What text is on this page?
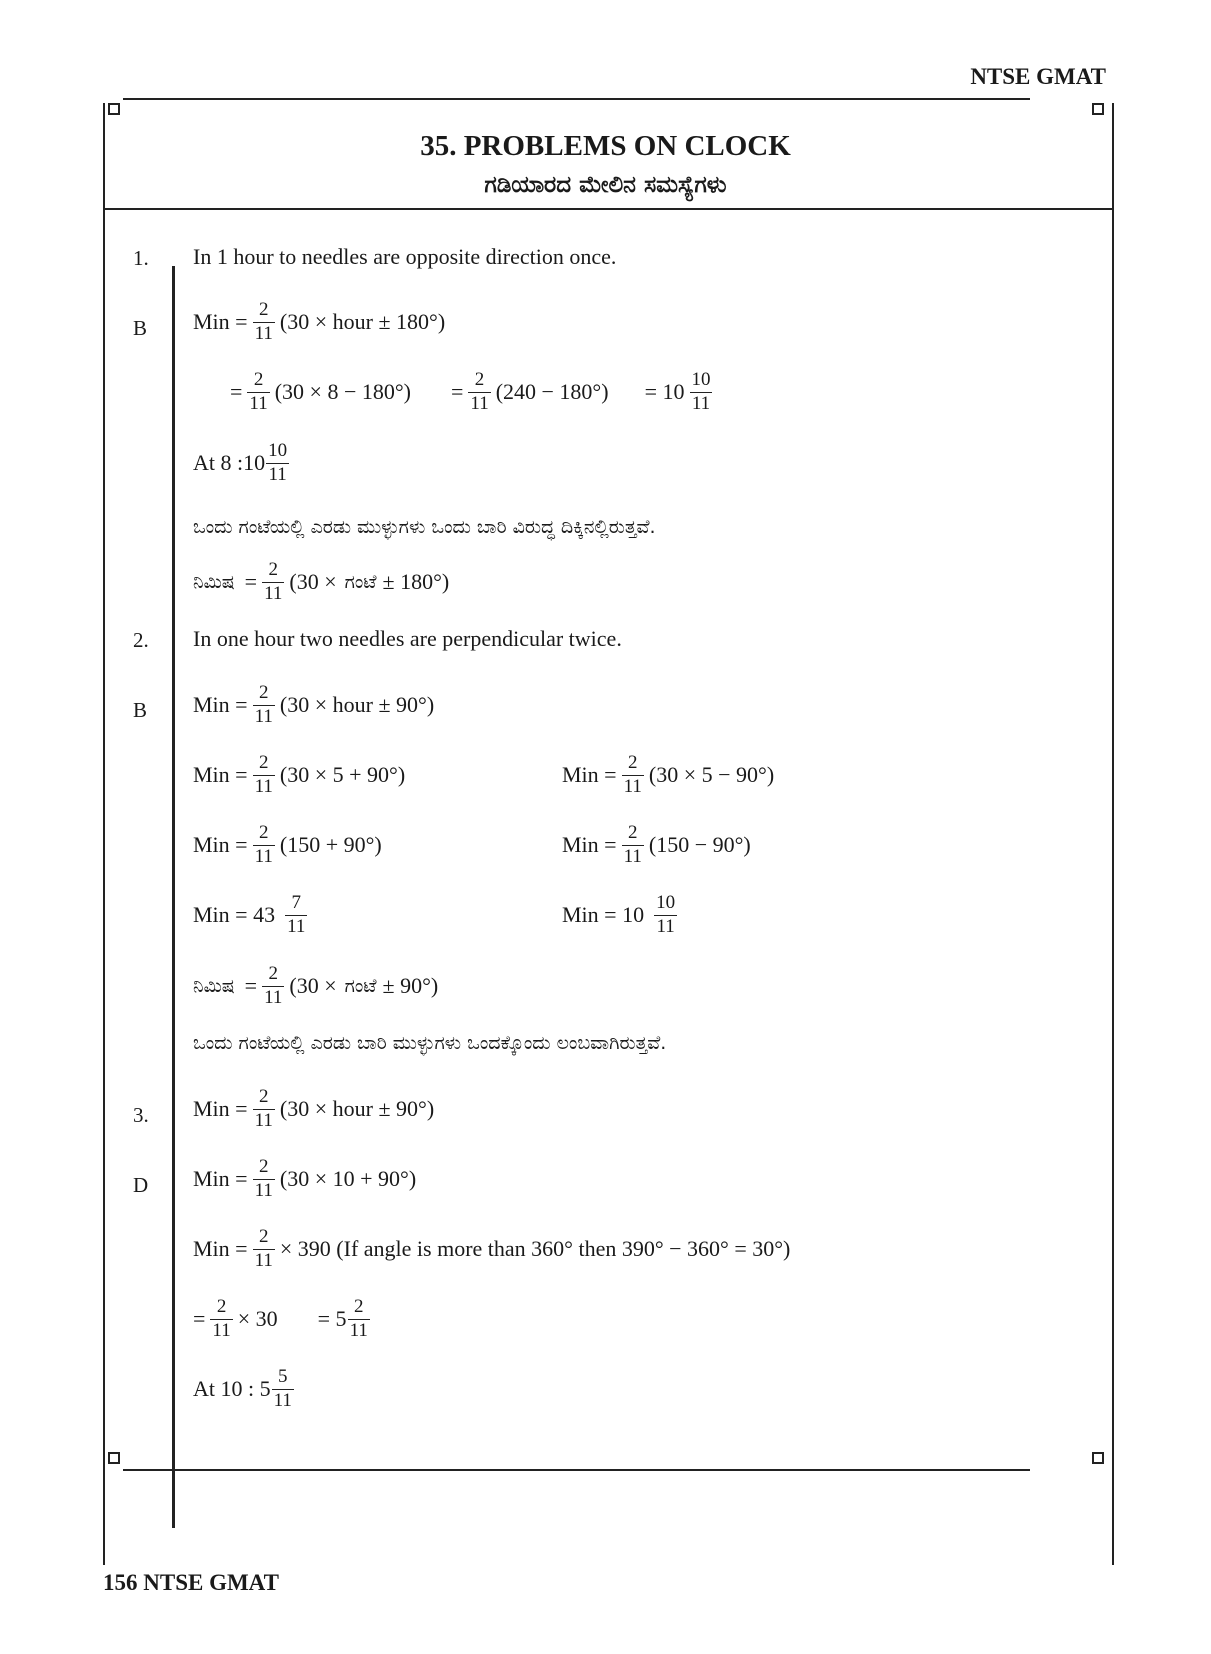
NTSE GMAT
35. PROBLEMS ON CLOCK
ಗಡಿಯಾರದ ಮೇಲಿನ ಸಮಸ್ಯೆಗಳು
1.
B
In 1 hour to needles are opposite direction once.
Min = $\frac{2}{11} (30$ × hour ± 180°)
= $\frac{2}{11} (30 \times 8 - 180^\circ) = \frac{2}{11} (240 - 180^\circ) = 10 \frac{10}{11}$
At 8 :10 $\frac{10}{11}$
ಒಂದು ಗಂಟೆಯಲ್ಲಿ ಎರಡು ಮುಳ್ಳುಗಳು ಒಂದು ಬಾರಿ ವಿರುದ್ಧ ದಿಕ್ಕಿನಲ್ಲಿರುತ್ತವೆ.
ನಿಮಿಷ = $\frac{2}{11} (30$ × ಗಂಟೆ ± 180°)
2.
B
In one hour two needles are perpendicular twice.
Min = $\frac{2}{11} (30$ × hour ± 90°)
Min = $\frac{2}{11} (30 \times 5 + 90^\circ)$	Min = $\frac{2}{11} (30 \times 5 - 90^\circ)$
Min = $\frac{2}{11} (150 + 90^\circ)$	Min = $\frac{2}{11} (150 - 90^\circ)$
Min = $43 \frac{7}{11}$	Min = $10 \frac{10}{11}$
ನಿಮಿಷ = $\frac{2}{11} (30$ × ಗಂಟೆ ± 90°)
ಒಂದು ಗಂಟೆಯಲ್ಲಿ ಎರಡು ಬಾರಿ ಮುಳ್ಳುಗಳು ಒಂದಕ್ಕೊಂದು ಲಂಬವಾಗಿರುತ್ತವೆ.
3.
D
Min = $\frac{2}{11} (30$ × hour ± 90°)
Min = $\frac{2}{11} (30 \times 10 + 90^\circ)$
Min = $\frac{2}{11} \times 390$ (If angle is more than 360° then 390° − 360° = 30°)
= $\frac{2}{11} \times 30 = 5 \frac{2}{11}$
At 10 : $5 \frac{5}{11}$
156 NTSE GMAT
